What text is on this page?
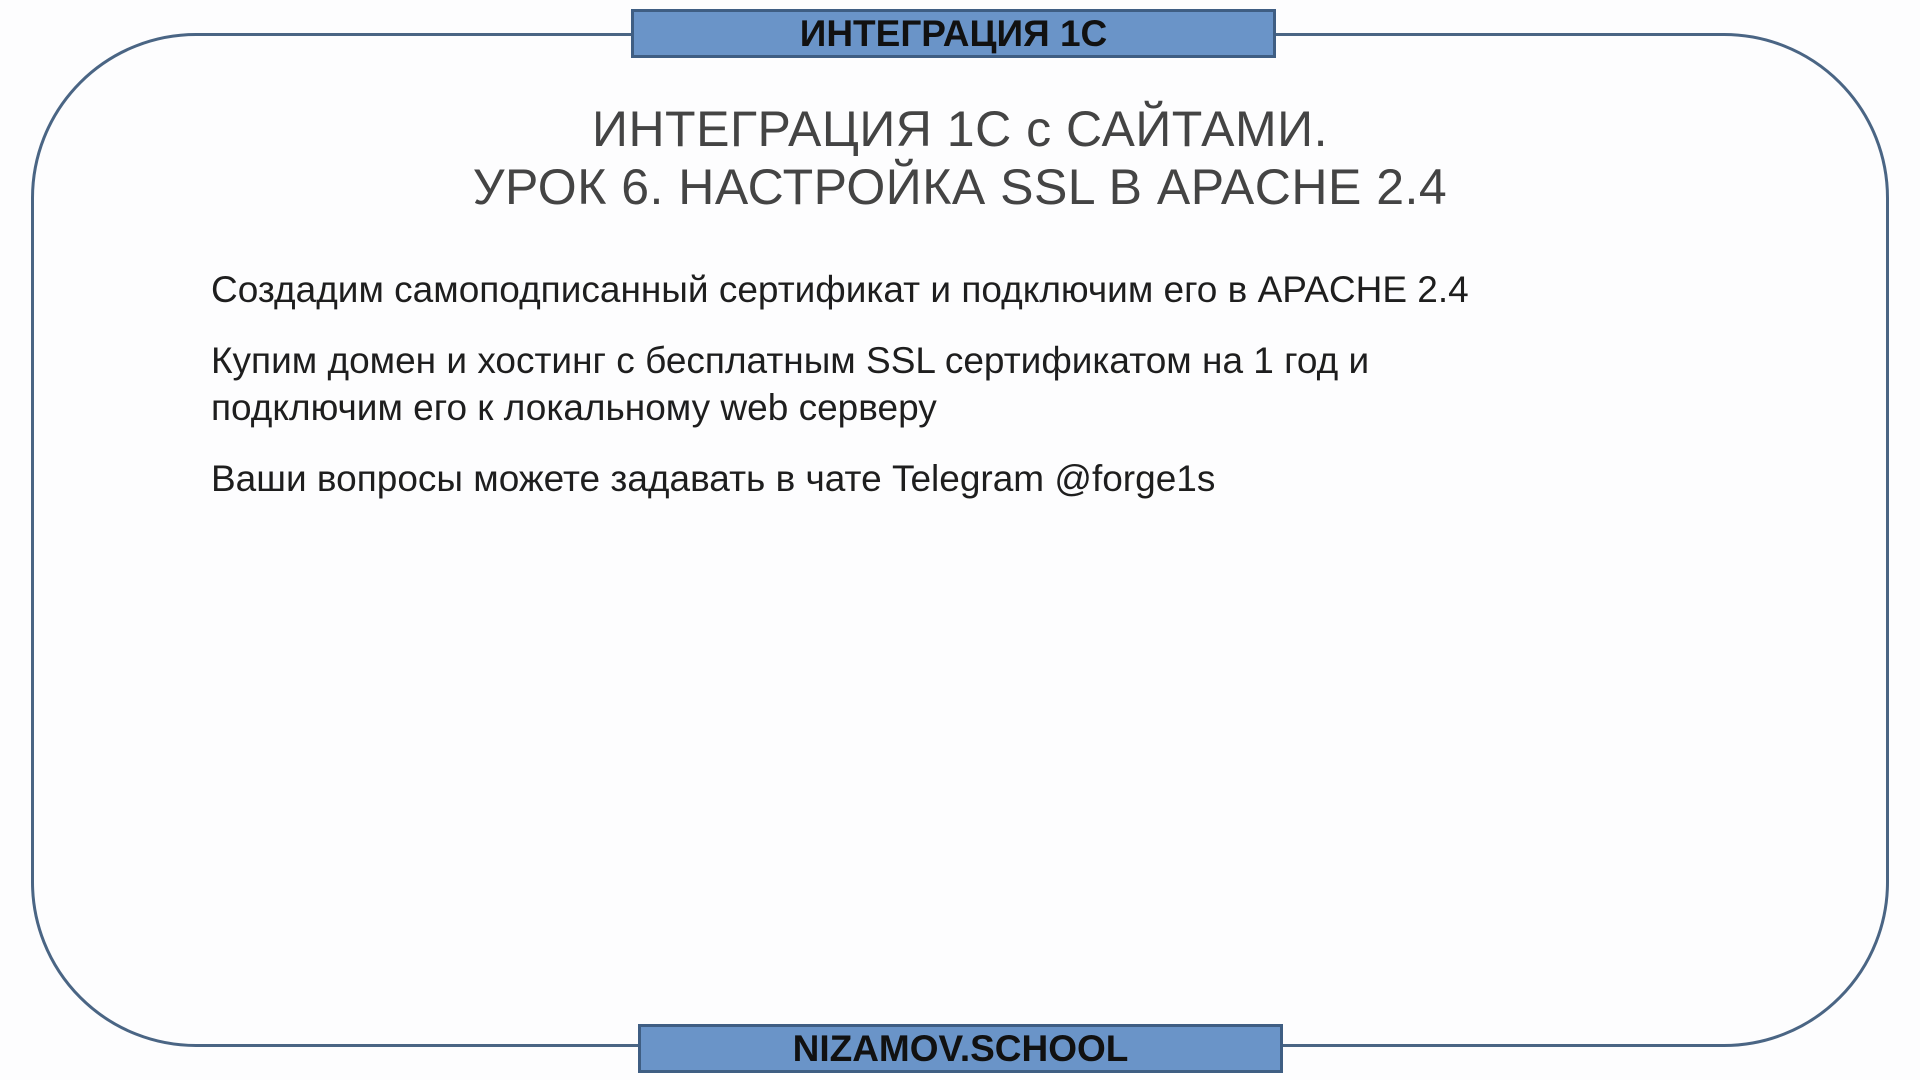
ИНТЕГРАЦИЯ 1С
ИНТЕГРАЦИЯ 1С с САЙТАМИ.
УРОК 6. НАСТРОЙКА SSL В APACHE 2.4
Создадим самоподписанный сертификат и подключим его в APACHE 2.4
Купим домен и хостинг с бесплатным SSL сертификатом на 1 год и
подключим его к локальному web серверу
Ваши вопросы можете задавать в чате Telegram @forge1s
NIZAMOV.SCHOOL
